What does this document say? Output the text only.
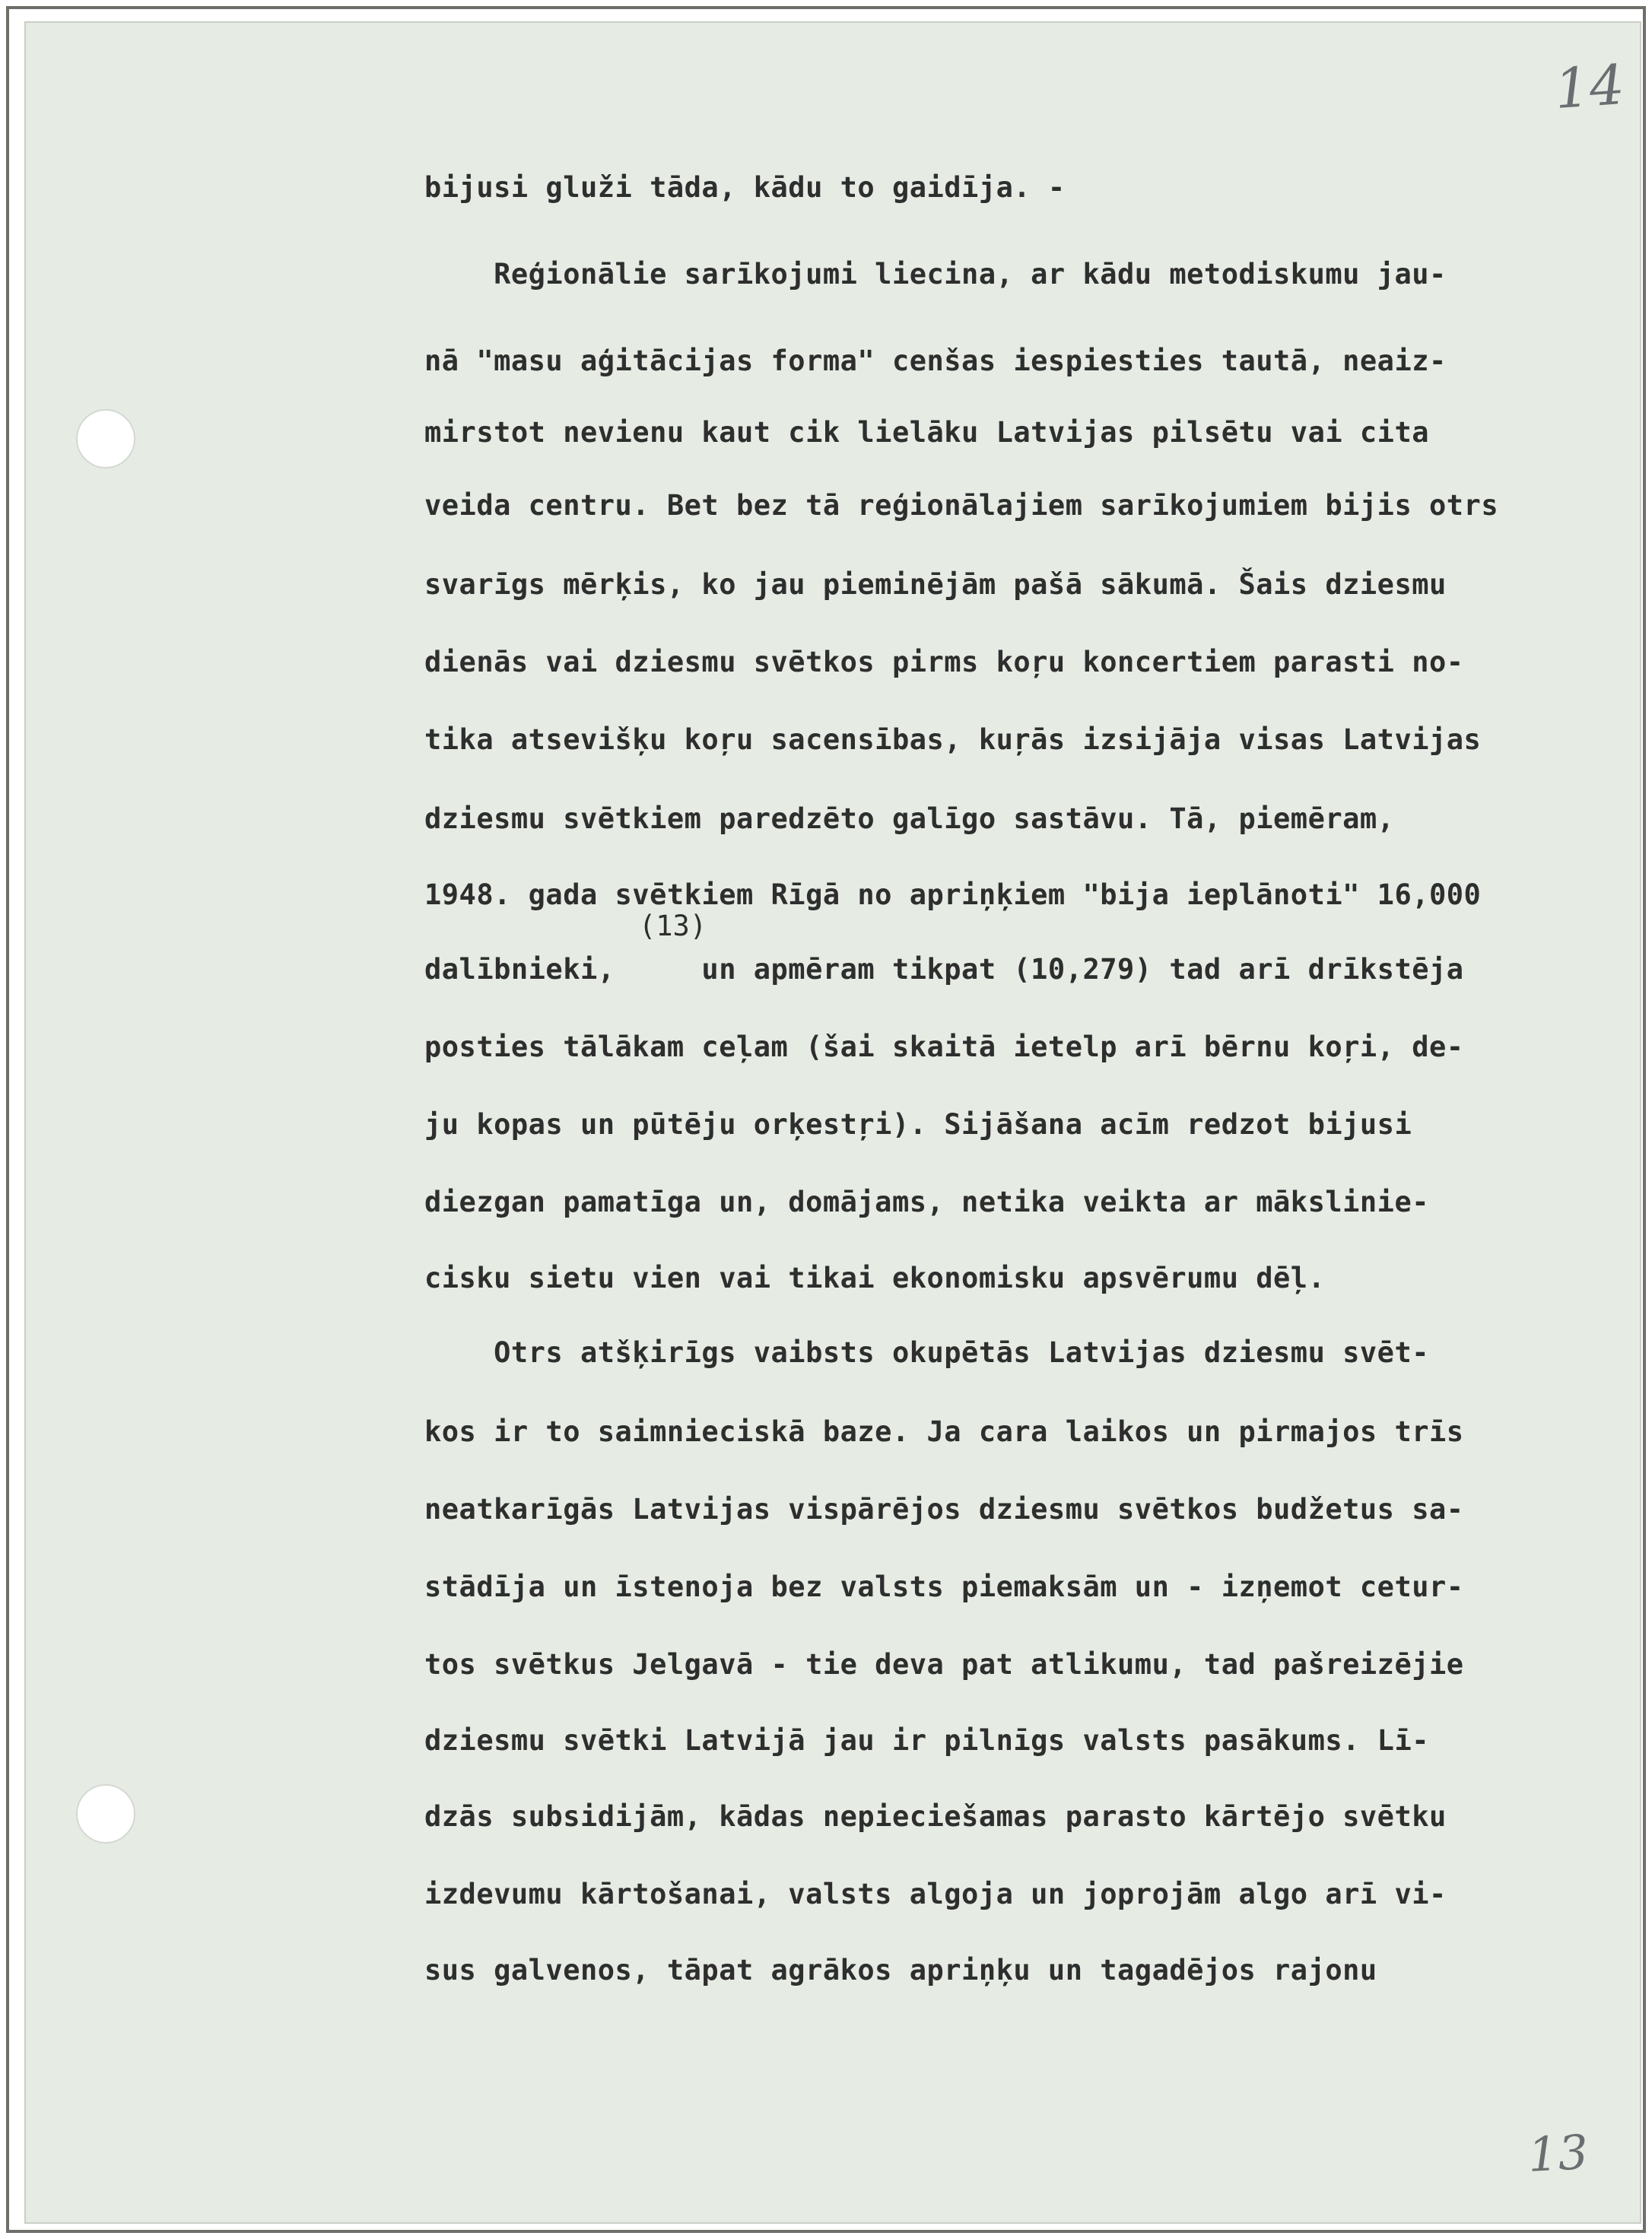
14
13

bijusi gluži tāda, kādu to gaidīja. -

Reģionālie sarīkojumi liecina, ar kādu metodiskumu jau-

nā "masu aģitācijas forma" cenšas iespiesties tautā, neaiz-

mirstot nevienu kaut cik lielāku Latvijas pilsētu vai cita

veida centru. Bet bez tā reģionālajiem sarīkojumiem bijis otrs

svarīgs mērķis, ko jau pieminējām pašā sākumā. Šais dziesmu

dienās vai dziesmu svētkos pirms koŗu koncertiem parasti no-

tika atsevišķu koŗu sacensības, kuŗās izsijāja visas Latvijas

dziesmu svētkiem paredzēto galīgo sastāvu. Tā, piemēram,

1948. gada svētkiem Rīgā no apriņķiem "bija ieplānoti" 16,000

(13)

dalībnieki,     un apmēram tikpat (10,279) tad arī drīkstēja

posties tālākam ceļam (šai skaitā ietelp arī bērnu koŗi, de-

ju kopas un pūtēju orķestŗi). Sijāšana acīm redzot bijusi

diezgan pamatīga un, domājams, netika veikta ar mākslinie-

cisku sietu vien vai tikai ekonomisku apsvērumu dēļ.

Otrs atšķirīgs vaibsts okupētās Latvijas dziesmu svēt-

kos ir to saimnieciskā baze. Ja cara laikos un pirmajos trīs

neatkarīgās Latvijas vispārējos dziesmu svētkos budžetus sa-

stādīja un īstenoja bez valsts piemaksām un - izņemot cetur-

tos svētkus Jelgavā - tie deva pat atlikumu, tad pašreizējie

dziesmu svētki Latvijā jau ir pilnīgs valsts pasākums. Lī-

dzās subsidijām, kādas nepieciešamas parasto kārtējo svētku

izdevumu kārtošanai, valsts algoja un joprojām algo arī vi-

sus galvenos, tāpat agrākos apriņķu un tagadējos rajonu
